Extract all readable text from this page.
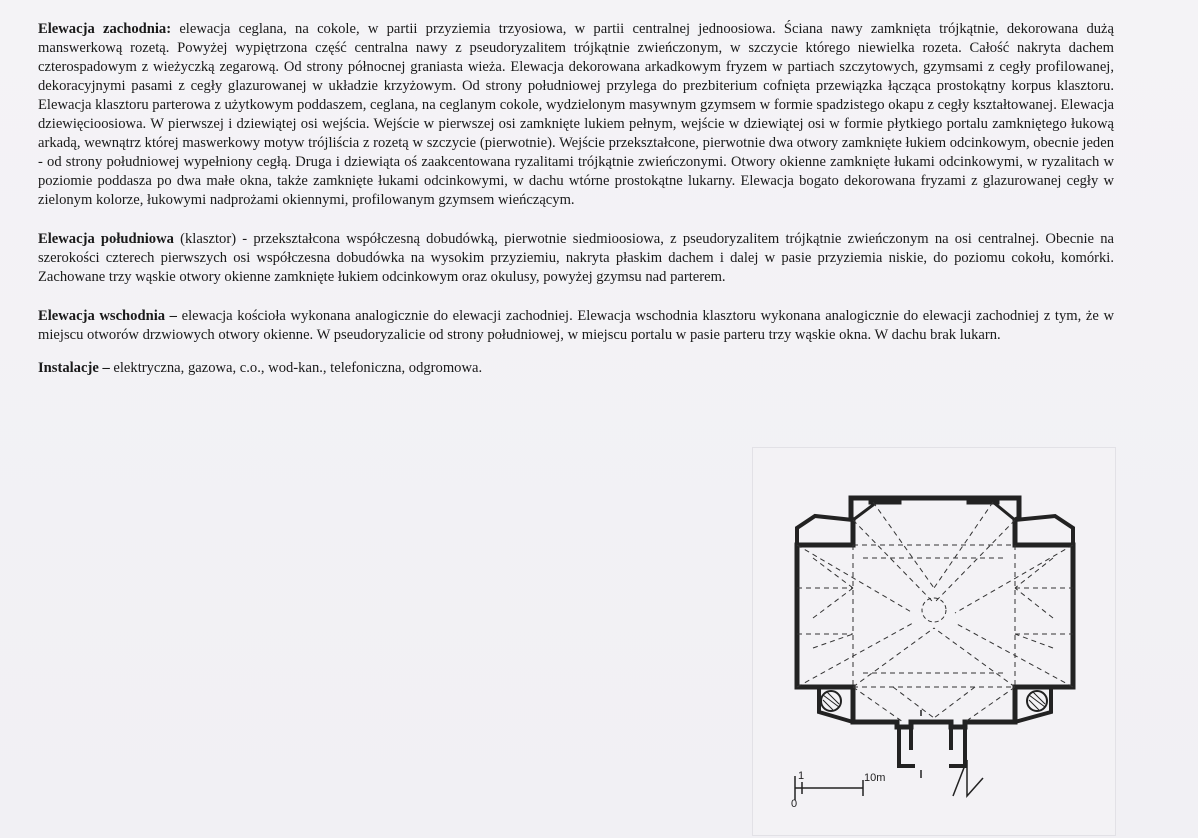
Elewacja zachodnia: elewacja ceglana, na cokole, w partii przyziemia trzyosiowa, w partii centralnej jednoosiowa. Ściana nawy zamknięta trójkątnie, dekorowana dużą manswerkową rozetą. Powyżej wypiętrzona część centralna nawy z pseudoryzalitem trójkątnie zwieńczonym, w szczycie którego niewielka rozeta. Całość nakryta dachem czterospadowym z wieżyczką zegarową. Od strony północnej graniasta wieża. Elewacja dekorowana arkadkowym fryzem w partiach szczytowych, gzymsami z cegły profilowanej, dekoracyjnymi pasami z cegły glazurowanej w układzie krzyżowym. Od strony południowej przylega do prezbiterium cofnięta przewiązka łącząca prostokątny korpus klasztoru. Elewacja klasztoru parterowa z użytkowym poddaszem, ceglana, na ceglanym cokole, wydzielonym masywnym gzymsem w formie spadzistego okapu z cegły kształtowanej. Elewacja dziewięcioosiowa. W pierwszej i dziewiątej osi wejścia. Wejście w pierwszej osi zamknięte lukiem pełnym, wejście w dziewiątej osi w formie płytkiego portalu zamkniętego łukową arkadą, wewnątrz której maswerkowy motyw trójliścia z rozetą w szczycie (pierwotnie). Wejście przekształcone, pierwotnie dwa otwory zamknięte łukiem odcinkowym, obecnie jeden - od strony południowej wypełniony cegłą. Druga i dziewiąta oś zaakcentowana ryzalitami trójkątnie zwieńczonymi. Otwory okienne zamknięte łukami odcinkowymi, w ryzalitach w poziomie poddasza po dwa małe okna, także zamknięte łukami odcinkowymi, w dachu wtórne prostokątne lukarny. Elewacja bogato dekorowana fryzami z glazurowanej cegły w zielonym kolorze, łukowymi nadprożami okiennymi, profilowanym gzymsem wieńczącym.

Elewacja południowa (klasztor) - przekształcona współczesną dobudówką, pierwotnie siedmioosiowa, z pseudoryzalitem trójkątnie zwieńczonym na osi centralnej. Obecnie na szerokości czterech pierwszych osi współczesna dobudówka na wysokim przyziemiu, nakryta płaskim dachem i dalej w pasie przyziemia niskie, do poziomu cokołu, komórki. Zachowane trzy wąskie otwory okienne zamknięte łukiem odcinkowym oraz okulusy, powyżej gzymsu nad parterem.

Elewacja wschodnia – elewacja kościoła wykonana analogicznie do elewacji zachodniej. Elewacja wschodnia klasztoru wykonana analogicznie do elewacji zachodniej z tym, że w miejscu otworów drzwiowych otwory okienne. W pseudoryzalicie od strony południowej, w miejscu portalu w pasie parteru trzy wąskie okna. W dachu brak lukarn.

Instalacje – elektryczna, gazowa, c.o., wod-kan., telefoniczna, odgromowa.

0
1	10m
